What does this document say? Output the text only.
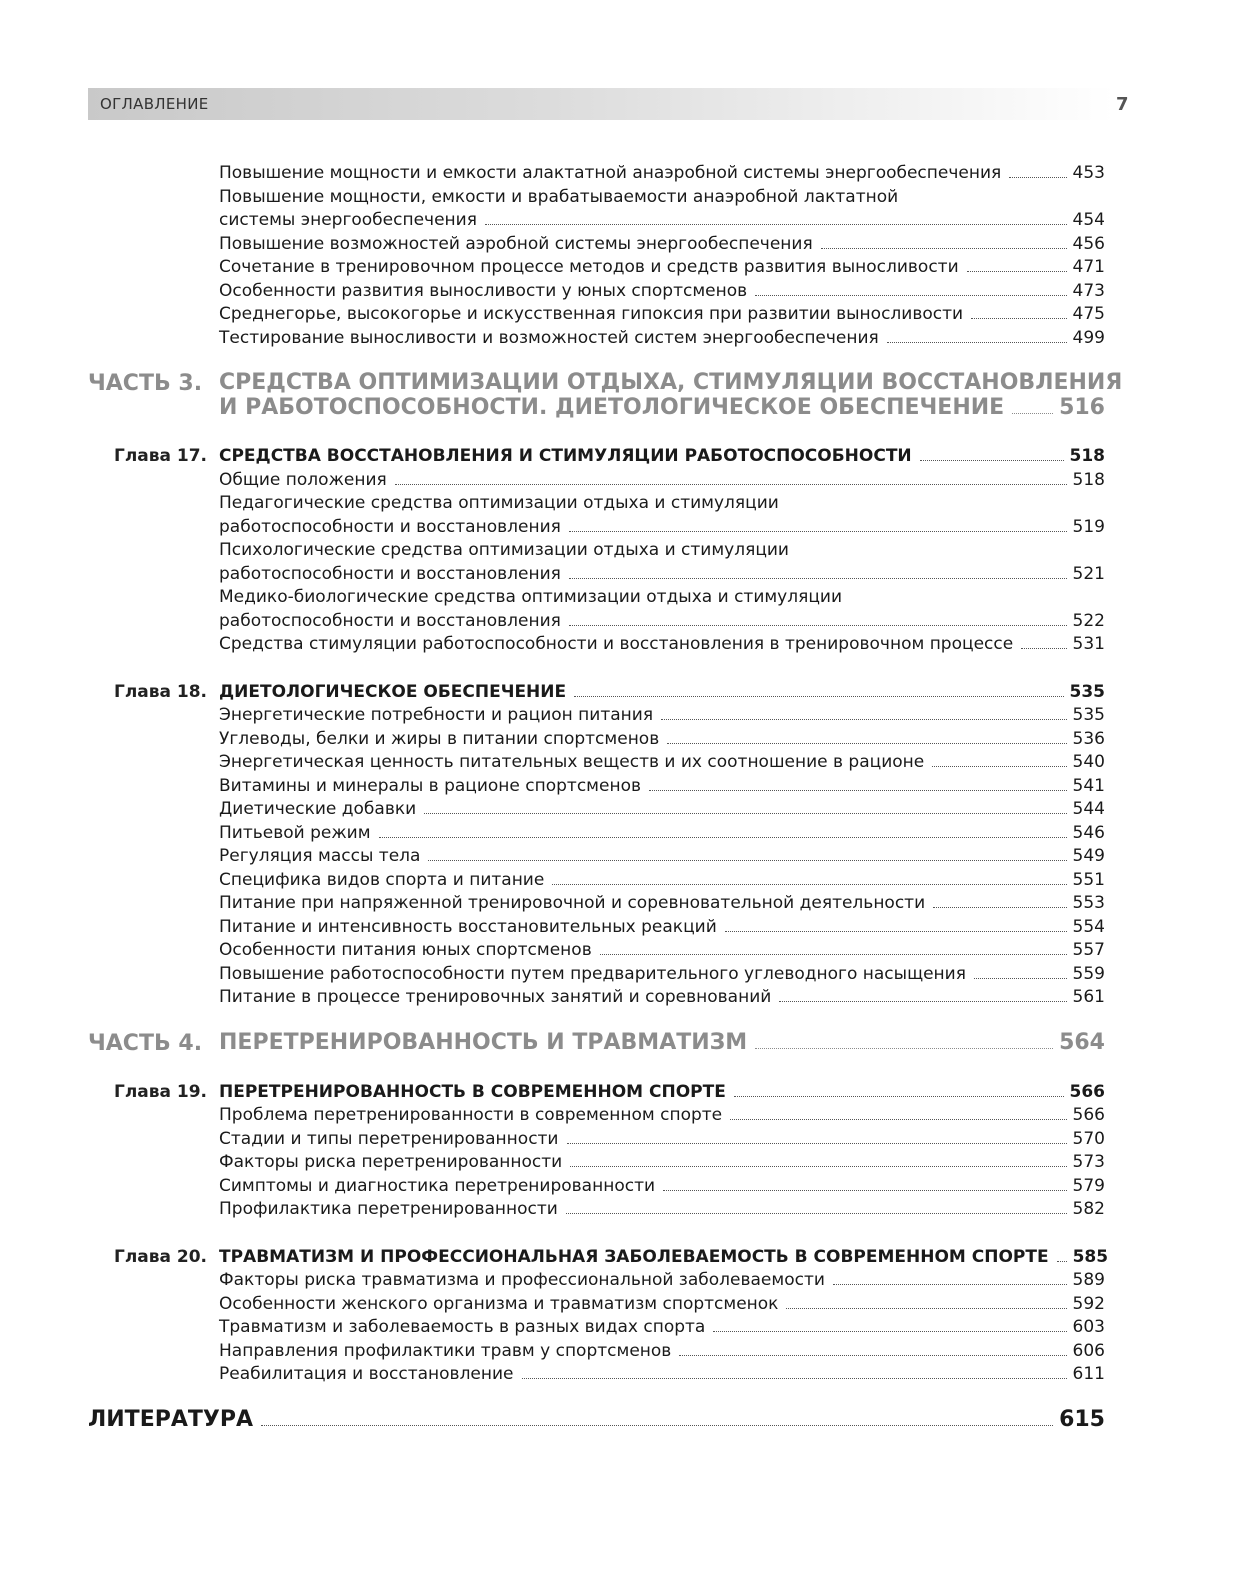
ОГЛАВЛЕНИЕ	7
Повышение мощности и емкости алактатной анаэробной системы энергообеспечения	453
Повышение мощности, емкости и врабатываемости анаэробной лактатной
системы энергообеспечения	454
Повышение возможностей аэробной системы энергообеспечения	456
Сочетание в тренировочном процессе методов и средств развития выносливости	471
Особенности развития выносливости у юных спортсменов	473
Среднегорье, высокогорье и искусственная гипоксия при развитии выносливости	475
Тестирование выносливости и возможностей систем энергообеспечения	499
ЧАСТЬ 3. СРЕДСТВА ОПТИМИЗАЦИИ ОТДЫХА, СТИМУЛЯЦИИ ВОССТАНОВЛЕНИЯ
И РАБОТОСПОСОБНОСТИ. ДИЕТОЛОГИЧЕСКОЕ ОБЕСПЕЧЕНИЕ 516
Глава 17. СРЕДСТВА ВОССТАНОВЛЕНИЯ И СТИМУЛЯЦИИ РАБОТОСПОСОБНОСТИ	518
Общие положения	518
Педагогические средства оптимизации отдыха и стимуляции
работоспособности и восстановления	519
Психологические средства оптимизации отдыха и стимуляции
работоспособности и восстановления	521
Медико-биологические средства оптимизации отдыха и стимуляции
работоспособности и восстановления	522
Средства стимуляции работоспособности и восстановления в тренировочном процессе	531
Глава 18. ДИЕТОЛОГИЧЕСКОЕ ОБЕСПЕЧЕНИЕ	535
Энергетические потребности и рацион питания	535
Углеводы, белки и жиры в питании спортсменов	536
Энергетическая ценность питательных веществ и их соотношение в рационе	540
Витамины и минералы в рационе спортсменов	541
Диетические добавки	544
Питьевой режим	546
Регуляция массы тела	549
Специфика видов спорта и питание	551
Питание при напряженной тренировочной и соревновательной деятельности	553
Питание и интенсивность восстановительных реакций	554
Особенности питания юных спортсменов	557
Повышение работоспособности путем предварительного углеводного насыщения	559
Питание в процессе тренировочных занятий и соревнований	561
ЧАСТЬ 4. ПЕРЕТРЕНИРОВАННОСТЬ И ТРАВМАТИЗМ	564
Глава 19. ПЕРЕТРЕНИРОВАННОСТЬ В СОВРЕМЕННОМ СПОРТЕ	566
Проблема перетренированности в современном спорте	566
Стадии и типы перетренированности	570
Факторы риска перетренированности	573
Симптомы и диагностика перетренированности	579
Профилактика перетренированности	582
Глава 20. ТРАВМАТИЗМ И ПРОФЕССИОНАЛЬНАЯ ЗАБОЛЕВАЕМОСТЬ В СОВРЕМЕННОМ СПОРТЕ 585
Факторы риска травматизма и профессиональной заболеваемости	589
Особенности женского организма и травматизм спортсменок	592
Травматизм и заболеваемость в разных видах спорта	603
Направления профилактики травм у спортсменов	606
Реабилитация и восстановление	611
ЛИТЕРАТУРА	615
